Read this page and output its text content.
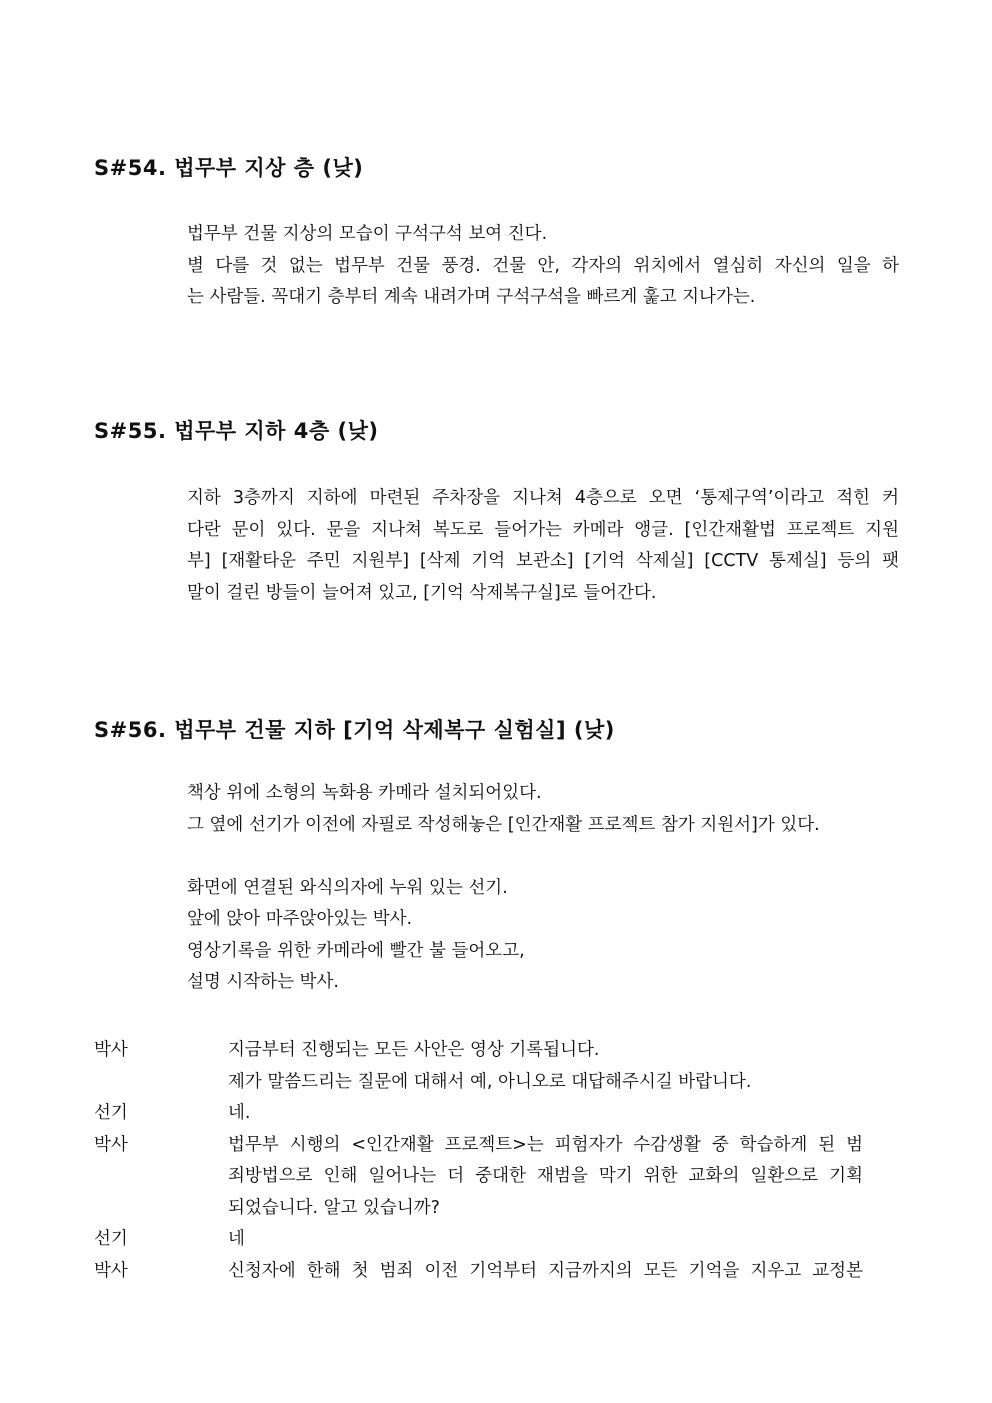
S#54. 법무부 지상 층 (낮)
법무부 건물 지상의 모습이 구석구석 보여 진다.
별 다를 것 없는 법무부 건물 풍경. 건물 안, 각자의 위치에서 열심히 자신의 일을 하
는 사람들. 꼭대기 층부터 계속 내려가며 구석구석을 빠르게 훑고 지나가는.
S#55. 법무부 지하 4층 (낮)
지하 3층까지 지하에 마련된 주차장을 지나쳐 4층으로 오면 ‘통제구역’이라고 적힌 커
다란 문이 있다. 문을 지나쳐 복도로 들어가는 카메라 앵글. [인간재활법 프로젝트 지원
부] [재활타운 주민 지원부] [삭제 기억 보관소] [기억 삭제실] [CCTV 통제실] 등의 팻
말이 걸린 방들이 늘어져 있고, [기억 삭제복구실]로 들어간다.
S#56. 법무부 건물 지하 [기억 삭제복구 실험실] (낮)
책상 위에 소형의 녹화용 카메라 설치되어있다.
그 옆에 선기가 이전에 자필로 작성해놓은 [인간재활 프로젝트 참가 지원서]가 있다.
화면에 연결된 와식의자에 누워 있는 선기.
앞에 앉아 마주앉아있는 박사.
영상기록을 위한 카메라에 빨간 불 들어오고,
설명 시작하는 박사.
박사	지금부터 진행되는 모든 사안은 영상 기록됩니다.
제가 말씀드리는 질문에 대해서 예, 아니오로 대답해주시길 바랍니다.
선기	네.
박사	법무부 시행의 <인간재활 프로젝트>는 피험자가 수감생활 중 학습하게 된 범
죄방법으로 인해 일어나는 더 중대한 재범을 막기 위한 교화의 일환으로 기획
되었습니다. 알고 있습니까?
선기	네
박사	신청자에 한해 첫 범죄 이전 기억부터 지금까지의 모든 기억을 지우고 교정본
